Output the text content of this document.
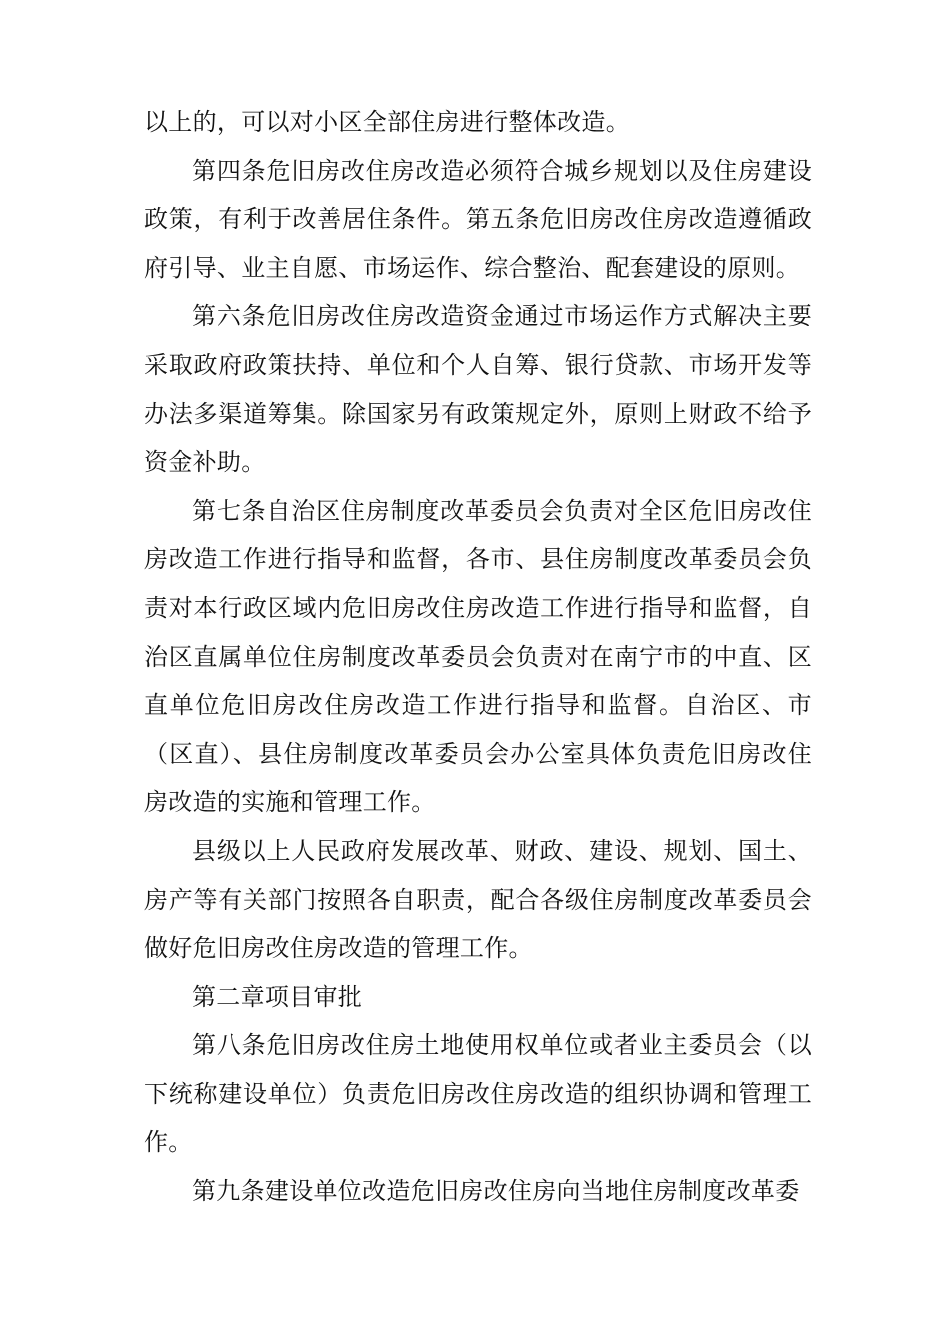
以上的，可以对小区全部住房进行整体改造。

第四条危旧房改住房改造必须符合城乡规划以及住房建设政策，有利于改善居住条件。第五条危旧房改住房改造遵循政府引导、业主自愿、市场运作、综合整治、配套建设的原则。

第六条危旧房改住房改造资金通过市场运作方式解决主要采取政府政策扶持、单位和个人自筹、银行贷款、市场开发等办法多渠道筹集。除国家另有政策规定外，原则上财政不给予资金补助。

第七条自治区住房制度改革委员会负责对全区危旧房改住房改造工作进行指导和监督，各市、县住房制度改革委员会负责对本行政区域内危旧房改住房改造工作进行指导和监督，自治区直属单位住房制度改革委员会负责对在南宁市的中直、区直单位危旧房改住房改造工作进行指导和监督。自治区、市（区直）、县住房制度改革委员会办公室具体负责危旧房改住房改造的实施和管理工作。

县级以上人民政府发展改革、财政、建设、规划、国土、房产等有关部门按照各自职责，配合各级住房制度改革委员会做好危旧房改住房改造的管理工作。

第二章项目审批

第八条危旧房改住房土地使用权单位或者业主委员会（以下统称建设单位）负责危旧房改住房改造的组织协调和管理工作。

第九条建设单位改造危旧房改住房向当地住房制度改革委
